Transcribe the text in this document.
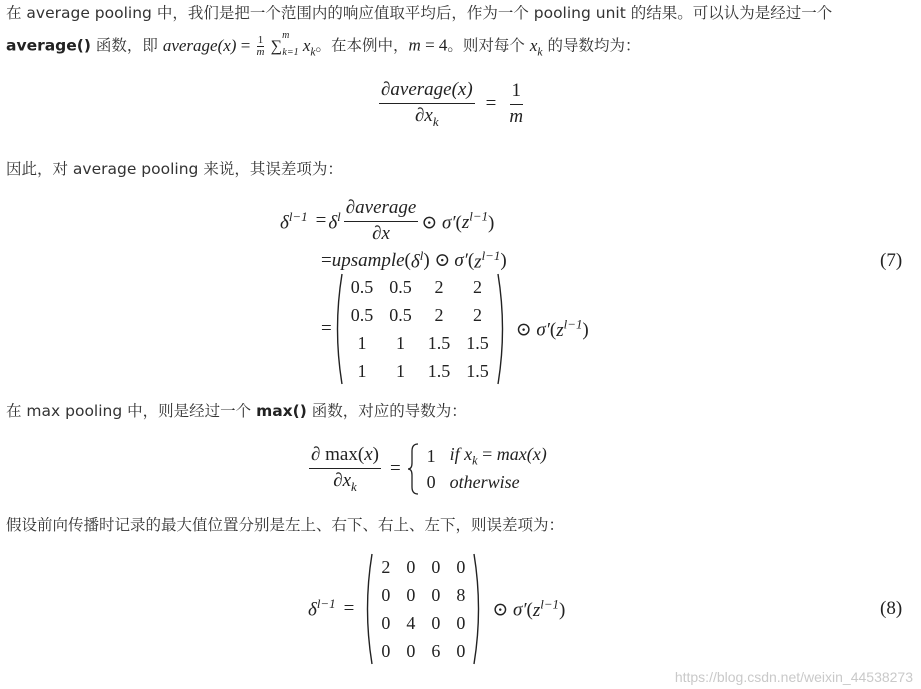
在 average pooling 中，我们是把一个范围内的响应值取平均后，作为一个 pooling unit 的结果。可以认为是经过一个
average() 函数，即 average(x) = $\frac{1}{m} \sum^m_{k=1}$ $x_k$。在本例中，m = 4。则对每个 $x_k$ 的导数均为：
$\frac{\text{∂average(x)}}{\partial x_k} = \frac{1}{m}$
因此，对 average pooling 来说，其误差项为：
$\delta^{l-1} = \delta^l \frac{\text{∂average}}{\partial x}$ ⊙ $\sigma'(z^{l-1})$
= upsample ( $\delta^l$ ) ⊙ σ′ ( $z^{l-1}$ )
=
0.5	0.5	2	2
0.5	0.5	2	2
1	1	1.5	1.5
1	1	1.5	1.5
⊙ $\sigma'(z^{l-1})$
(7)
在 max pooling 中，则是经过一个 max() 函数，对应的导数为：
$\frac{\partial \max(x)}{\partial x_k}$ =
1	if $x_k = \max(x)$
0	otherwise
假设前向传播时记录的最大值位置分别是左上、右下、右上、左下，则误差项为：
$\delta^{l-1}$ =
2	0	0	0
0	0	0	8
0	4	0	0
0	0	6	0
⊙ $\sigma'(z^{l-1})$	(8)
https://blog.csdn.net/weixin_44538273
